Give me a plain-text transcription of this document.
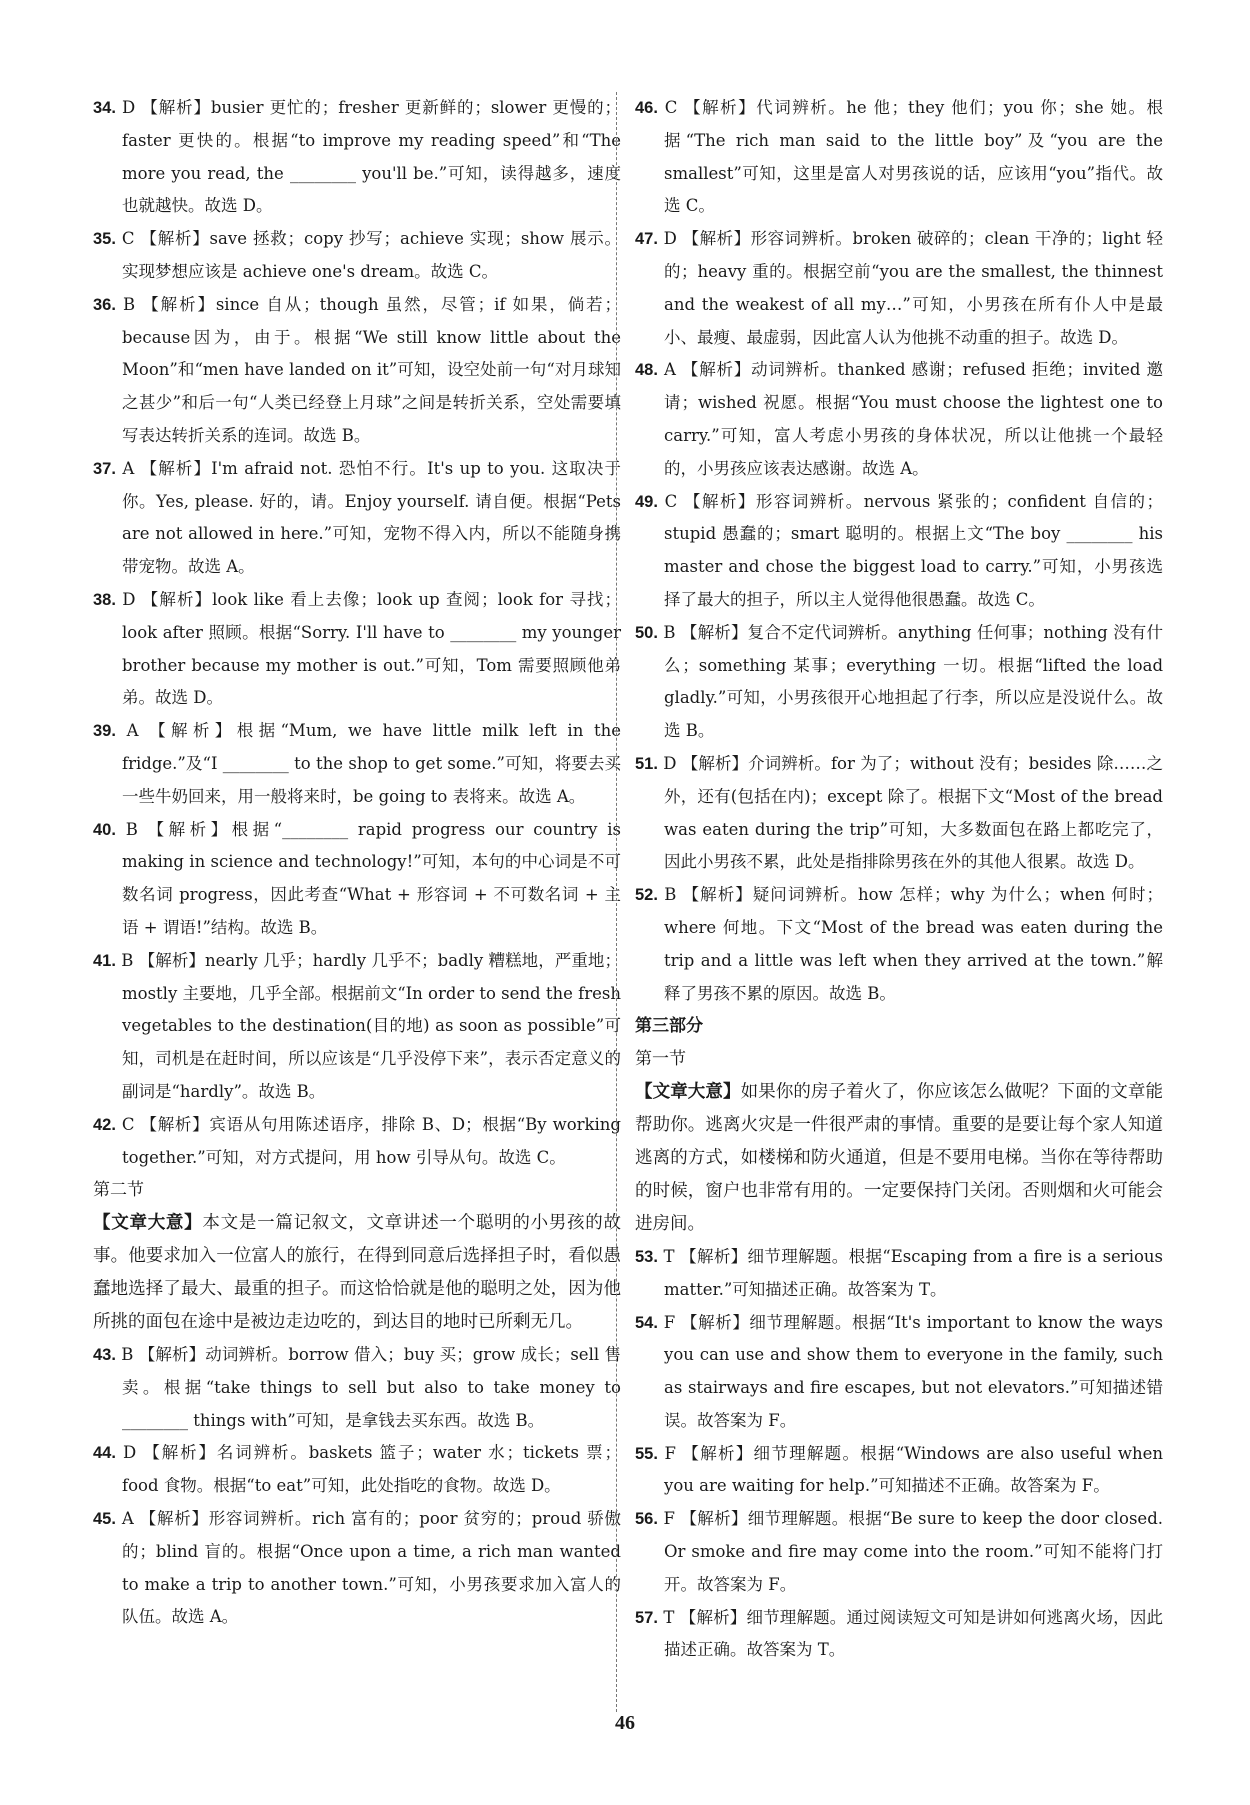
34. D 【解析】busier 更忙的；fresher 更新鲜的；slower 更慢的；faster 更快的。根据“to improve my reading speed”和“The more you read, the ________ you'll be.”可知，读得越多，速度也就越快。故选 D。

35. C 【解析】save 拯救；copy 抄写；achieve 实现；show 展示。实现梦想应该是 achieve one's dream。故选 C。

36. B 【解析】since 自从；though 虽然，尽管；if 如果，倘若；because因为，由于。根据“We still know little about the Moon”和“men have landed on it”可知，设空处前一句“对月球知之甚少”和后一句“人类已经登上月球”之间是转折关系，空处需要填写表达转折关系的连词。故选 B。

37. A 【解析】I'm afraid not. 恐怕不行。It's up to you. 这取决于你。Yes, please. 好的，请。Enjoy yourself. 请自便。根据“Pets are not allowed in here.”可知，宠物不得入内，所以不能随身携带宠物。故选 A。

38. D 【解析】look like 看上去像；look up 查阅；look for 寻找；look after 照顾。根据“Sorry. I'll have to ________ my younger brother because my mother is out.”可知，Tom 需要照顾他弟弟。故选 D。

39. A 【解析】根据“Mum, we have little milk left in the fridge.”及“I ________ to the shop to get some.”可知，将要去买一些牛奶回来，用一般将来时，be going to 表将来。故选 A。

40. B 【解析】根据“________ rapid progress our country is making in science and technology!”可知，本句的中心词是不可数名词 progress，因此考查“What + 形容词 + 不可数名词 + 主语 + 谓语!”结构。故选 B。

41. B 【解析】nearly 几乎；hardly 几乎不；badly 糟糕地，严重地；mostly 主要地，几乎全部。根据前文“In order to send the fresh vegetables to the destination(目的地) as soon as possible”可知，司机是在赶时间，所以应该是“几乎没停下来”，表示否定意义的副词是“hardly”。故选 B。

42. C 【解析】宾语从句用陈述语序，排除 B、D；根据“By working together.”可知，对方式提问，用 how 引导从句。故选 C。

第二节

【文章大意】本文是一篇记叙文，文章讲述一个聪明的小男孩的故事。他要求加入一位富人的旅行，在得到同意后选择担子时，看似愚蠢地选择了最大、最重的担子。而这恰恰就是他的聪明之处，因为他所挑的面包在途中是被边走边吃的，到达目的地时已所剩无几。

43. B 【解析】动词辨析。borrow 借入；buy 买；grow 成长；sell 售卖。根据“take things to sell but also to take money to ________ things with”可知，是拿钱去买东西。故选 B。

44. D 【解析】名词辨析。baskets 篮子；water 水；tickets 票；food 食物。根据“to eat”可知，此处指吃的食物。故选 D。

45. A 【解析】形容词辨析。rich 富有的；poor 贫穷的；proud 骄傲的；blind 盲的。根据“Once upon a time, a rich man wanted to make a trip to another town.”可知，小男孩要求加入富人的队伍。故选 A。

46. C 【解析】代词辨析。he 他；they 他们；you 你；she 她。根据“The rich man said to the little boy”及“you are the smallest”可知，这里是富人对男孩说的话，应该用“you”指代。故选 C。

47. D 【解析】形容词辨析。broken 破碎的；clean 干净的；light 轻的；heavy 重的。根据空前“you are the smallest, the thinnest and the weakest of all my…”可知，小男孩在所有仆人中是最小、最瘦、最虚弱，因此富人认为他挑不动重的担子。故选 D。

48. A 【解析】动词辨析。thanked 感谢；refused 拒绝；invited 邀请；wished 祝愿。根据“You must choose the lightest one to carry.”可知，富人考虑小男孩的身体状况，所以让他挑一个最轻的，小男孩应该表达感谢。故选 A。

49. C 【解析】形容词辨析。nervous 紧张的；confident 自信的；stupid 愚蠢的；smart 聪明的。根据上文“The boy ________ his master and chose the biggest load to carry.”可知，小男孩选择了最大的担子，所以主人觉得他很愚蠢。故选 C。

50. B 【解析】复合不定代词辨析。anything 任何事；nothing 没有什么；something 某事；everything 一切。根据“lifted the load gladly.”可知，小男孩很开心地担起了行李，所以应是没说什么。故选 B。

51. D 【解析】介词辨析。for 为了；without 没有；besides 除……之外，还有(包括在内)；except 除了。根据下文“Most of the bread was eaten during the trip”可知，大多数面包在路上都吃完了，因此小男孩不累，此处是指排除男孩在外的其他人很累。故选 D。

52. B 【解析】疑问词辨析。how 怎样；why 为什么；when 何时；where 何地。下文“Most of the bread was eaten during the trip and a little was left when they arrived at the town.”解释了男孩不累的原因。故选 B。

第三部分

第一节

【文章大意】如果你的房子着火了，你应该怎么做呢？下面的文章能帮助你。逃离火灾是一件很严肃的事情。重要的是要让每个家人知道逃离的方式，如楼梯和防火通道，但是不要用电梯。当你在等待帮助的时候，窗户也非常有用的。一定要保持门关闭。否则烟和火可能会进房间。

53. T 【解析】细节理解题。根据“Escaping from a fire is a serious matter.”可知描述正确。故答案为 T。

54. F 【解析】细节理解题。根据“It's important to know the ways you can use and show them to everyone in the family, such as stairways and fire escapes, but not elevators.”可知描述错误。故答案为 F。

55. F 【解析】细节理解题。根据“Windows are also useful when you are waiting for help.”可知描述不正确。故答案为 F。

56. F 【解析】细节理解题。根据“Be sure to keep the door closed. Or smoke and fire may come into the room.”可知不能将门打开。故答案为 F。

57. T 【解析】细节理解题。通过阅读短文可知是讲如何逃离火场，因此描述正确。故答案为 T。

46
